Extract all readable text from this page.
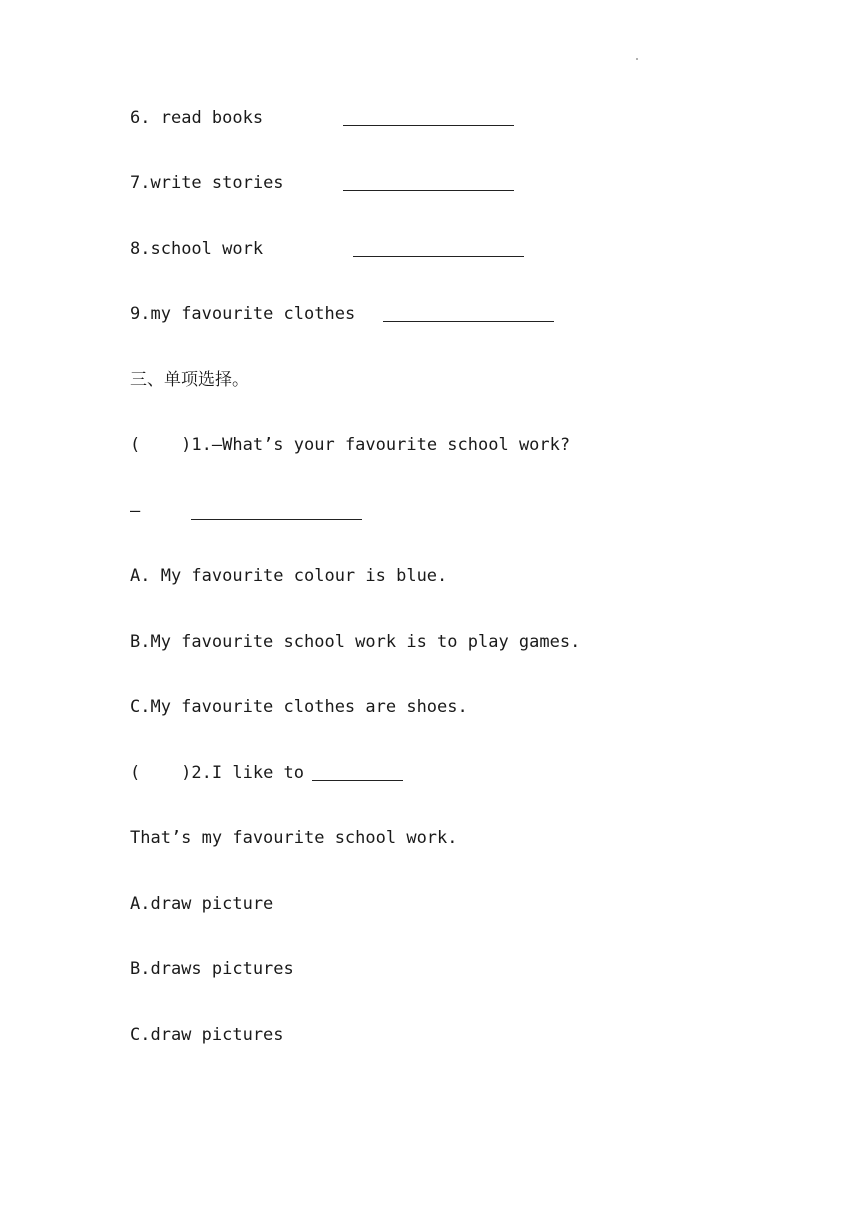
6. read books
7.write stories
8.school work
9.my favourite clothes
三、单项选择。
(    )1.—What’s your favourite school work?
—
A. My favourite colour is blue.
B.My favourite school work is to play games.
C.My favourite clothes are shoes.
(    )2.I like to
That’s my favourite school work.
A.draw picture
B.draws pictures
C.draw pictures
